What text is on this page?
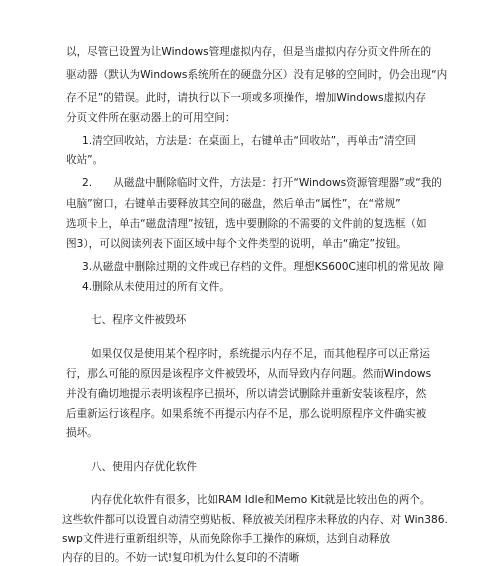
以，尽管已设置为让Windows管理虚拟内存，但是当虚拟内存分页文件所在的
驱动器（默认为Windows系统所在的硬盘分区）没有足够的空间时，仍会出现“内
存不足”的错误。此时，请执行以下一项或多项操作，增加Windows虚拟内存
分页文件所在驱动器上的可用空间：
1.清空回收站，方法是：在桌面上，右键单击“回收站”，再单击“清空回
收站”。
2.　　从磁盘中删除临时文件，方法是：打开“Windows资源管理器”或“我的
电脑”窗口，右键单击要释放其空间的磁盘，然后单击“属性”，在“常规”
选项卡上，单击“磁盘清理”按钮，选中要删除的不需要的文件前的复选框（如
图3），可以阅读列表下面区域中每个文件类型的说明，单击“确定”按钮。
3.从磁盘中删除过期的文件或已存档的文件。理想KS600C速印机的常见故 障
4.删除从未使用过的所有文件。
七、程序文件被毁坏
如果仅仅是使用某个程序时，系统提示内存不足，而其他程序可以正常运
行，那么可能的原因是该程序文件被毁坏，从而导致内存问题。然而Windows
并没有确切地提示表明该程序已损坏，所以请尝试删除并重新安装该程序，然
后重新运行该程序。如果系统不再提示内存不足，那么说明原程序文件确实被
损坏。
八、使用内存优化软件
内存优化软件有很多，比如RAM Idle和Memo Kit就是比较出色的两个。
这些软件都可以设置自动清空剪贴板、释放被关闭程序未释放的内存、对 Win386.
swp文件进行重新组织等，从而免除你手工操作的麻烦，达到自动释放
内存的目的。不妨一试!复印机为什么复印的不清晰
